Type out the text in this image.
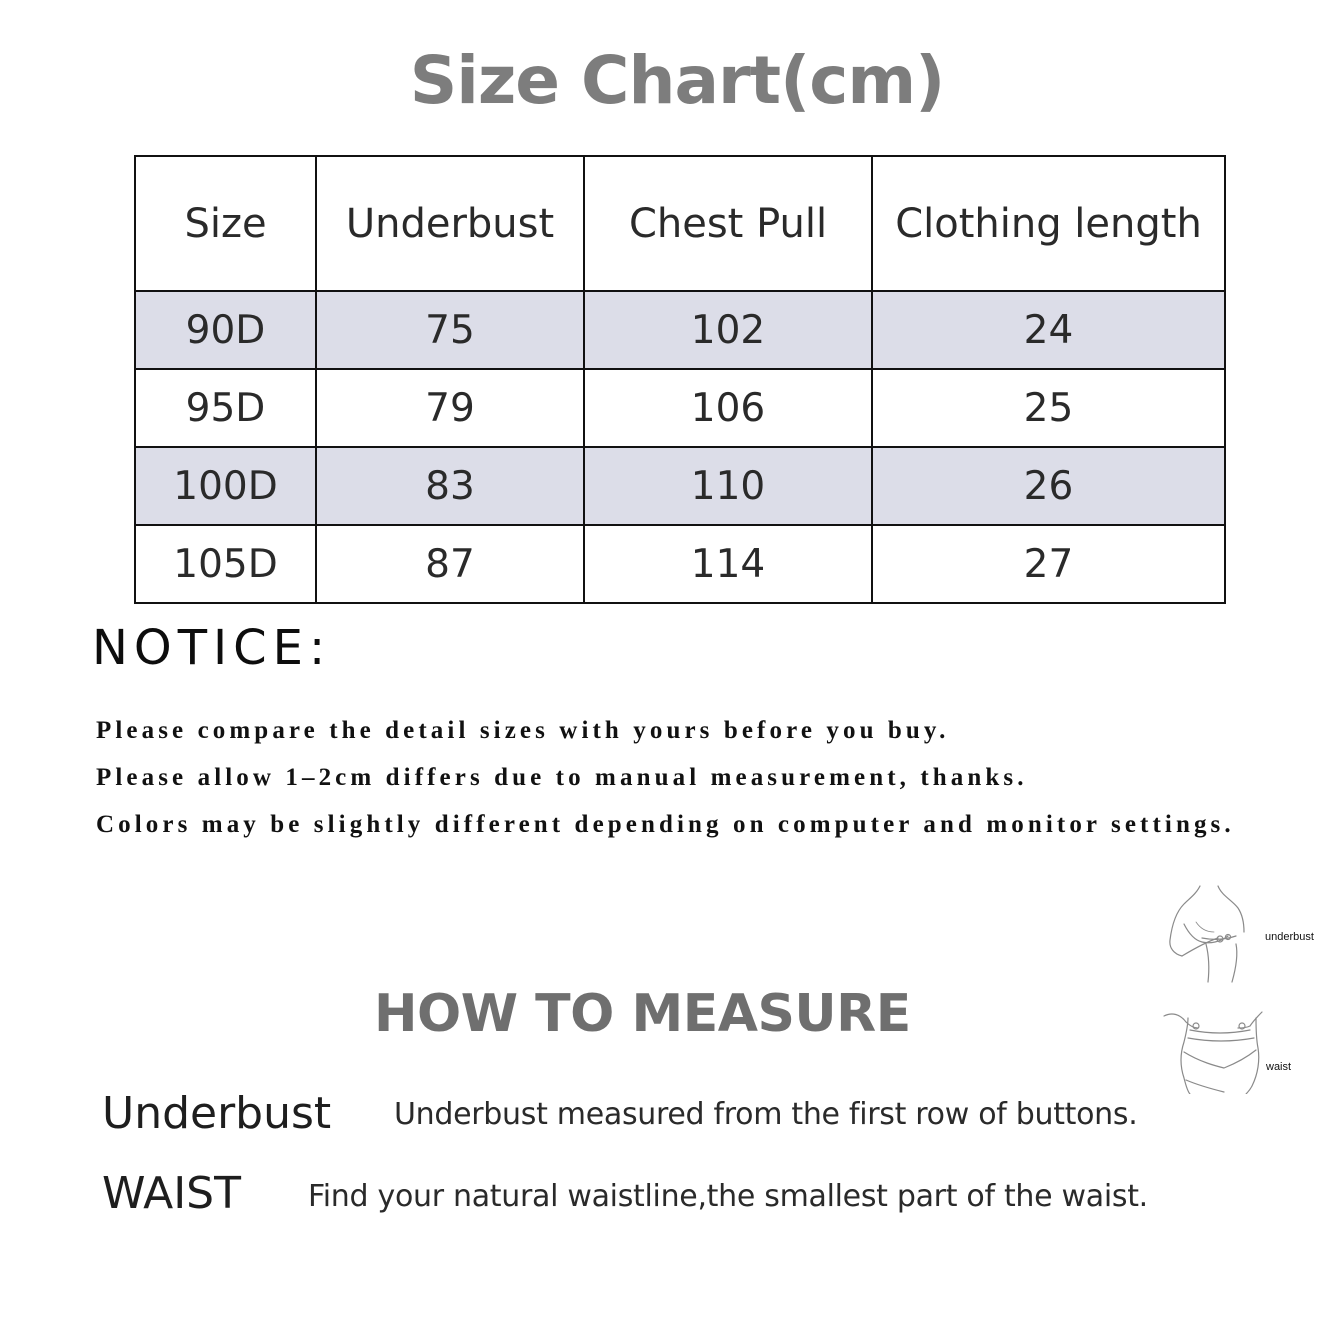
Size Chart(cm)
Size	Underbust	Chest Pull	Clothing length
90D	75	102	24
95D	79	106	25
100D	83	110	26
105D	87	114	27
NOTICE:
Please compare the detail sizes with yours before you buy.
Please allow 1–2cm differs due to manual measurement, thanks.
Colors may be slightly different depending on computer and monitor settings.
underbust
waist
HOW TO MEASURE
Underbust Underbust measured from the first row of buttons.
WAIST Find your natural waistline,the smallest part of the waist.
